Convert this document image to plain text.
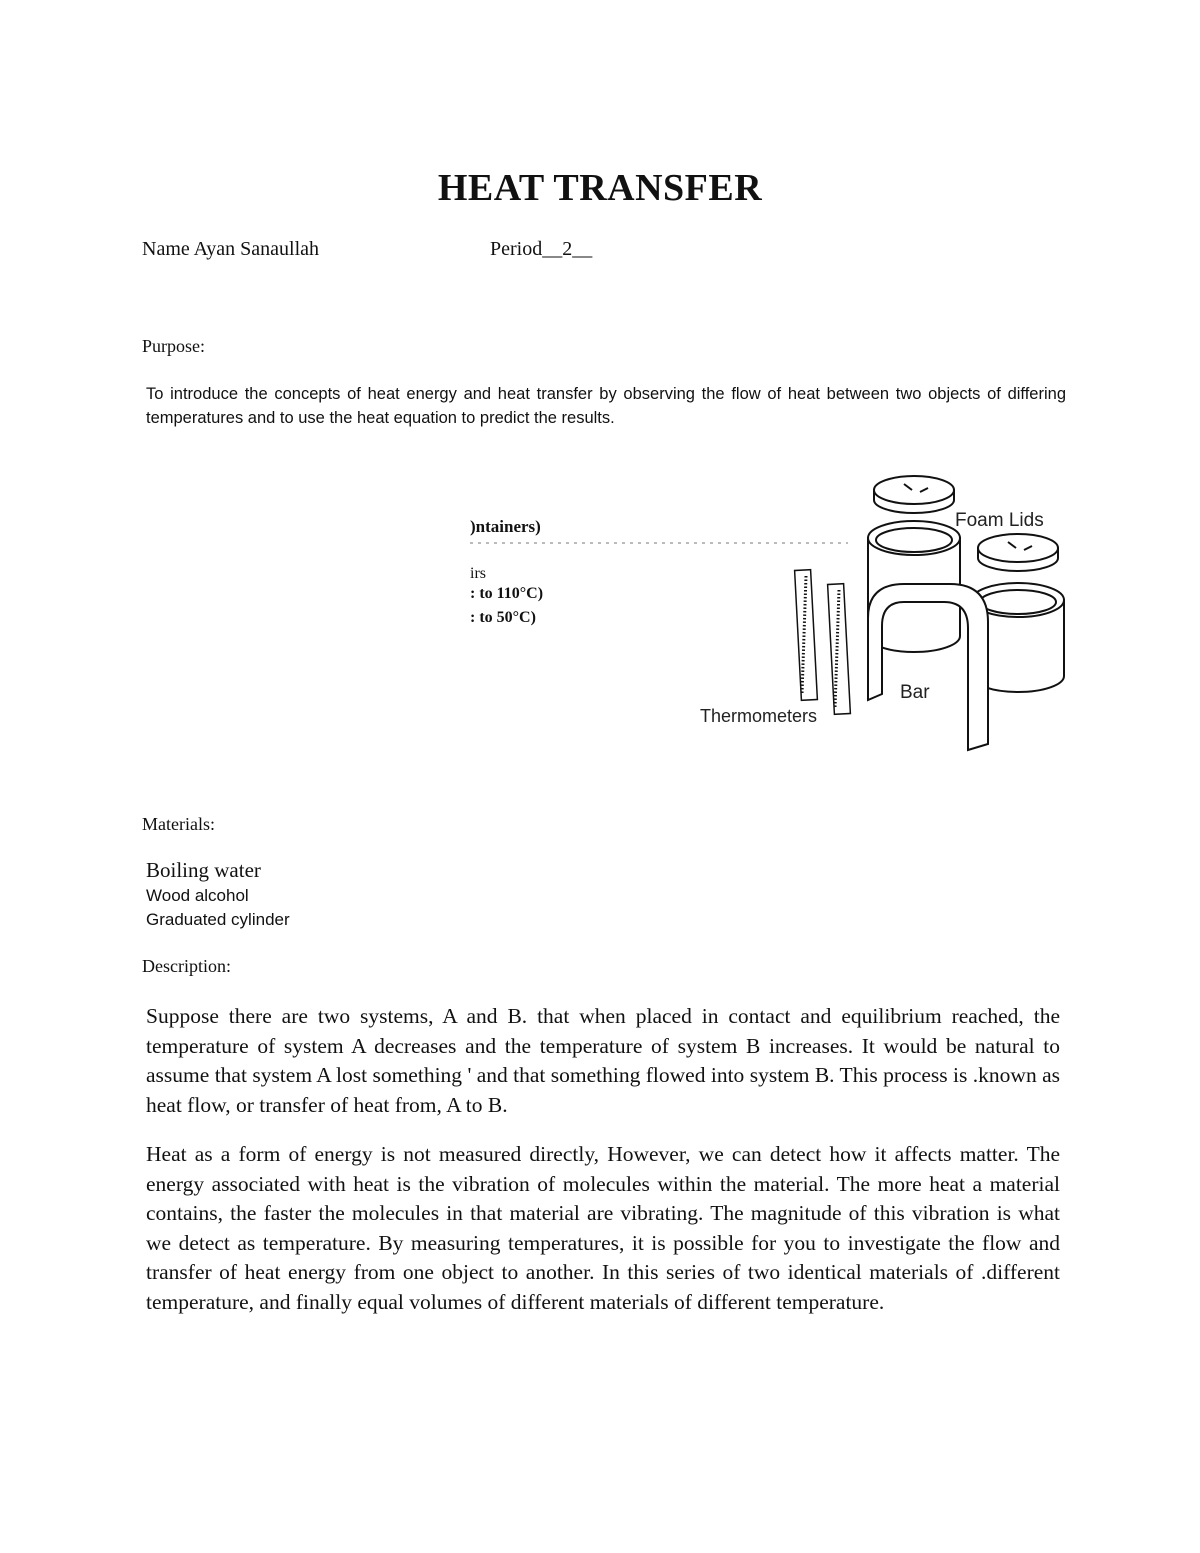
HEAT TRANSFER
Name Ayan Sanaullah	Period__2__
Purpose:
To introduce the concepts of heat energy and heat transfer by observing the flow of heat between two objects of differing temperatures and to use the heat equation to predict the results.
)ntainers)
irs
: to 110°C)
: to 50°C)
Foam Lids
Bar
Thermometers
Materials:
Boiling water
Wood alcohol
Graduated cylinder
Description:

Suppose there are two systems, A and B. that when placed in contact and equilibrium reached, the temperature of system A decreases and the temperature of system B increases. It would be natural to assume that system A lost something ' and that something flowed into system B. This process is .known as heat flow, or transfer of heat from, A to B.

Heat as a form of energy is not measured directly, However, we can detect how it affects matter. The energy associated with heat is the vibration of molecules within the material. The more heat a material contains, the faster the molecules in that material are vibrating. The magnitude of this vibration is what we detect as temperature. By measuring temperatures, it is possible for you to investigate the flow and transfer of heat energy from one object to another. In this series of two identical materials of .different temperature, and finally equal volumes of different materials of different temperature.
